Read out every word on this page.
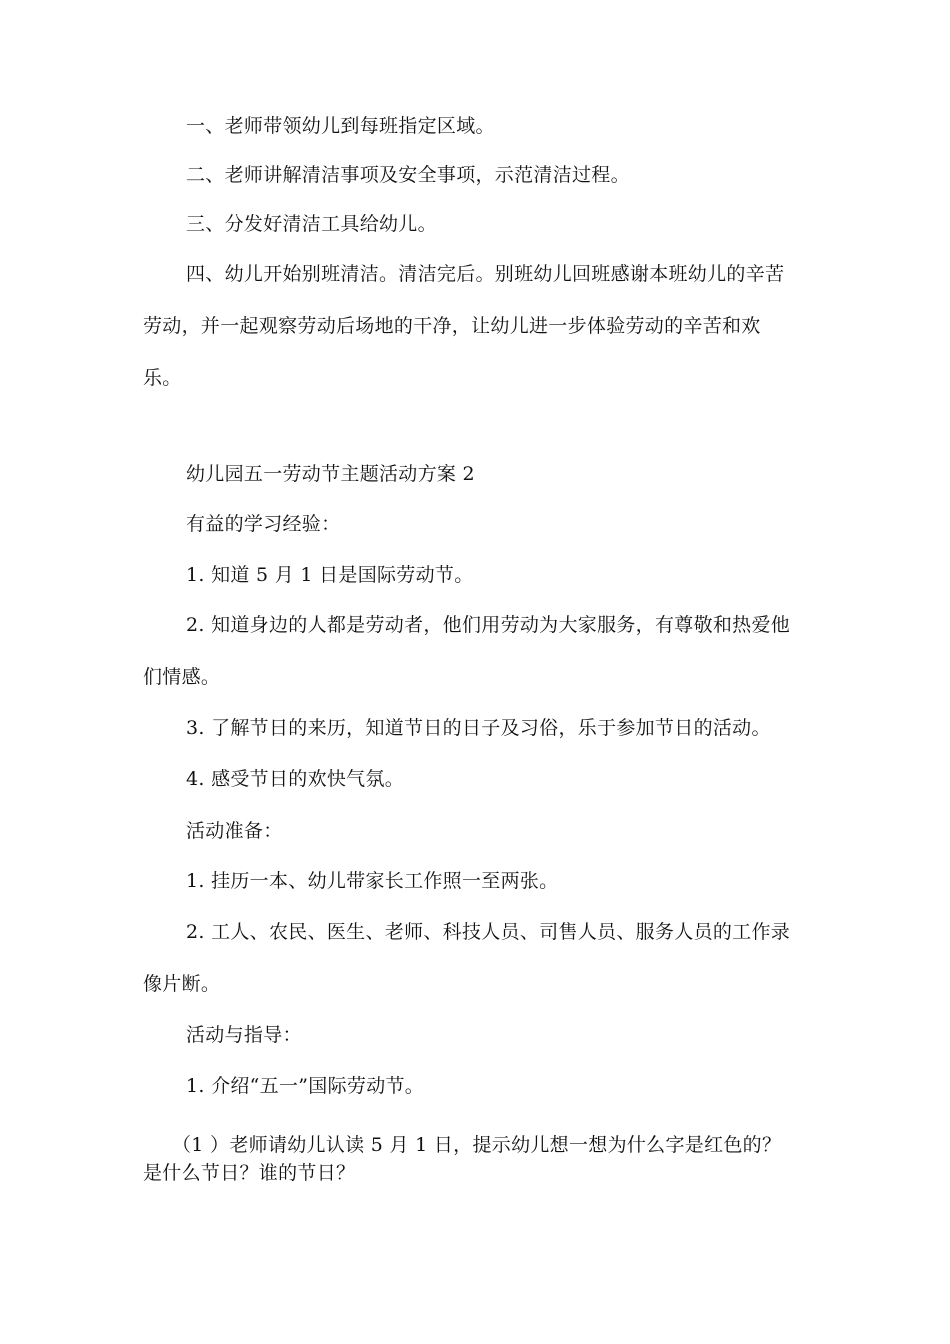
一、老师带领幼儿到每班指定区域。
二、老师讲解清洁事项及安全事项，示范清洁过程。
三、分发好清洁工具给幼儿。
四、幼儿开始别班清洁。清洁完后。别班幼儿回班感谢本班幼儿的辛苦
劳动，并一起观察劳动后场地的干净，让幼儿进一步体验劳动的辛苦和欢
乐。
幼儿园五一劳动节主题活动方案 2
有益的学习经验：
1. 知道 5 月 1 日是国际劳动节。
2. 知道身边的人都是劳动者，他们用劳动为大家服务，有尊敬和热爱他
们情感。
3. 了解节日的来历，知道节日的日子及习俗，乐于参加节日的活动。
4. 感受节日的欢快气氛。
活动准备：
1. 挂历一本、幼儿带家长工作照一至两张。
2. 工人、农民、医生、老师、科技人员、司售人员、服务人员的工作录
像片断。
活动与指导：
1. 介绍“五一”国际劳动节。
（1 ）老师请幼儿认读 5 月 1 日，提示幼儿想一想为什么字是红色的？
是什么节日？谁的节日？
